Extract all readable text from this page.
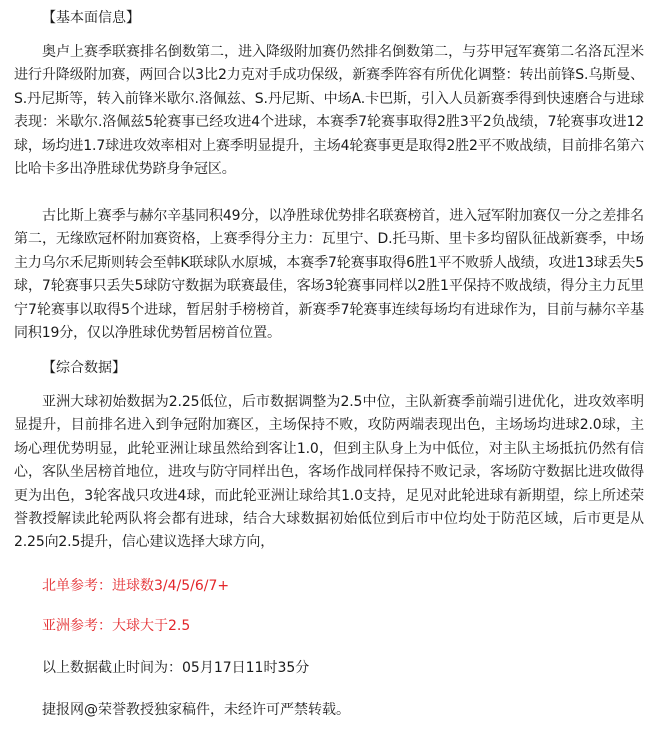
【基本面信息】

奥卢上赛季联赛排名倒数第二，进入降级附加赛仍然排名倒数第二，与芬甲冠军赛第二名洛瓦涅米进行升降级附加赛，两回合以3比2力克对手成功保级，新赛季阵容有所优化调整：转出前锋S.乌斯曼、S.丹尼斯等，转入前锋米歇尔.洛佩兹、S.丹尼斯、中场A.卡巴斯，引入人员新赛季得到快速磨合与进球表现：米歇尔.洛佩兹5轮赛事已经攻进4个进球，本赛季7轮赛事取得2胜3平2负战绩，7轮赛事攻进12球，场均进1.7球进攻效率相对上赛季明显提升，主场4轮赛事更是取得2胜2平不败战绩，目前排名第六比哈卡多出净胜球优势跻身争冠区。

古比斯上赛季与赫尔辛基同积49分，以净胜球优势排名联赛榜首，进入冠军附加赛仅一分之差排名第二，无缘欧冠杯附加赛资格，上赛季得分主力：瓦里宁、D.托马斯、里卡多均留队征战新赛季，中场主力乌尔禾尼斯则转会至韩K联球队水原城，本赛季7轮赛事取得6胜1平不败骄人战绩，攻进13球丢失5球，7轮赛事只丢失5球防守数据为联赛最佳，客场3轮赛事同样以2胜1平保持不败战绩，得分主力瓦里宁7轮赛事以取得5个进球，暂居射手榜榜首，新赛季7轮赛事连续每场均有进球作为，目前与赫尔辛基同积19分，仅以净胜球优势暂居榜首位置。

【综合数据】

亚洲大球初始数据为2.25低位，后市数据调整为2.5中位，主队新赛季前端引进优化，进攻效率明显提升，目前排名进入到争冠附加赛区，主场保持不败，攻防两端表现出色，主场场均进球2.0球，主场心理优势明显，此轮亚洲让球虽然给到客让1.0，但到主队身上为中低位，对主队主场抵抗仍然有信心，客队坐居榜首地位，进攻与防守同样出色，客场作战同样保持不败记录，客场防守数据比进攻做得更为出色，3轮客战只攻进4球，而此轮亚洲让球给其1.0支持，足见对此轮进球有新期望，综上所述荣誉教授解读此轮两队将会都有进球，结合大球数据初始低位到后市中位均处于防范区域，后市更是从2.25向2.5提升，信心建议选择大球方向，

北单参考：进球数3/4/5/6/7+

亚洲参考：大球大于2.5

以上数据截止时间为：05月17日11时35分

捷报网@荣誉教授独家稿件，未经许可严禁转载。
